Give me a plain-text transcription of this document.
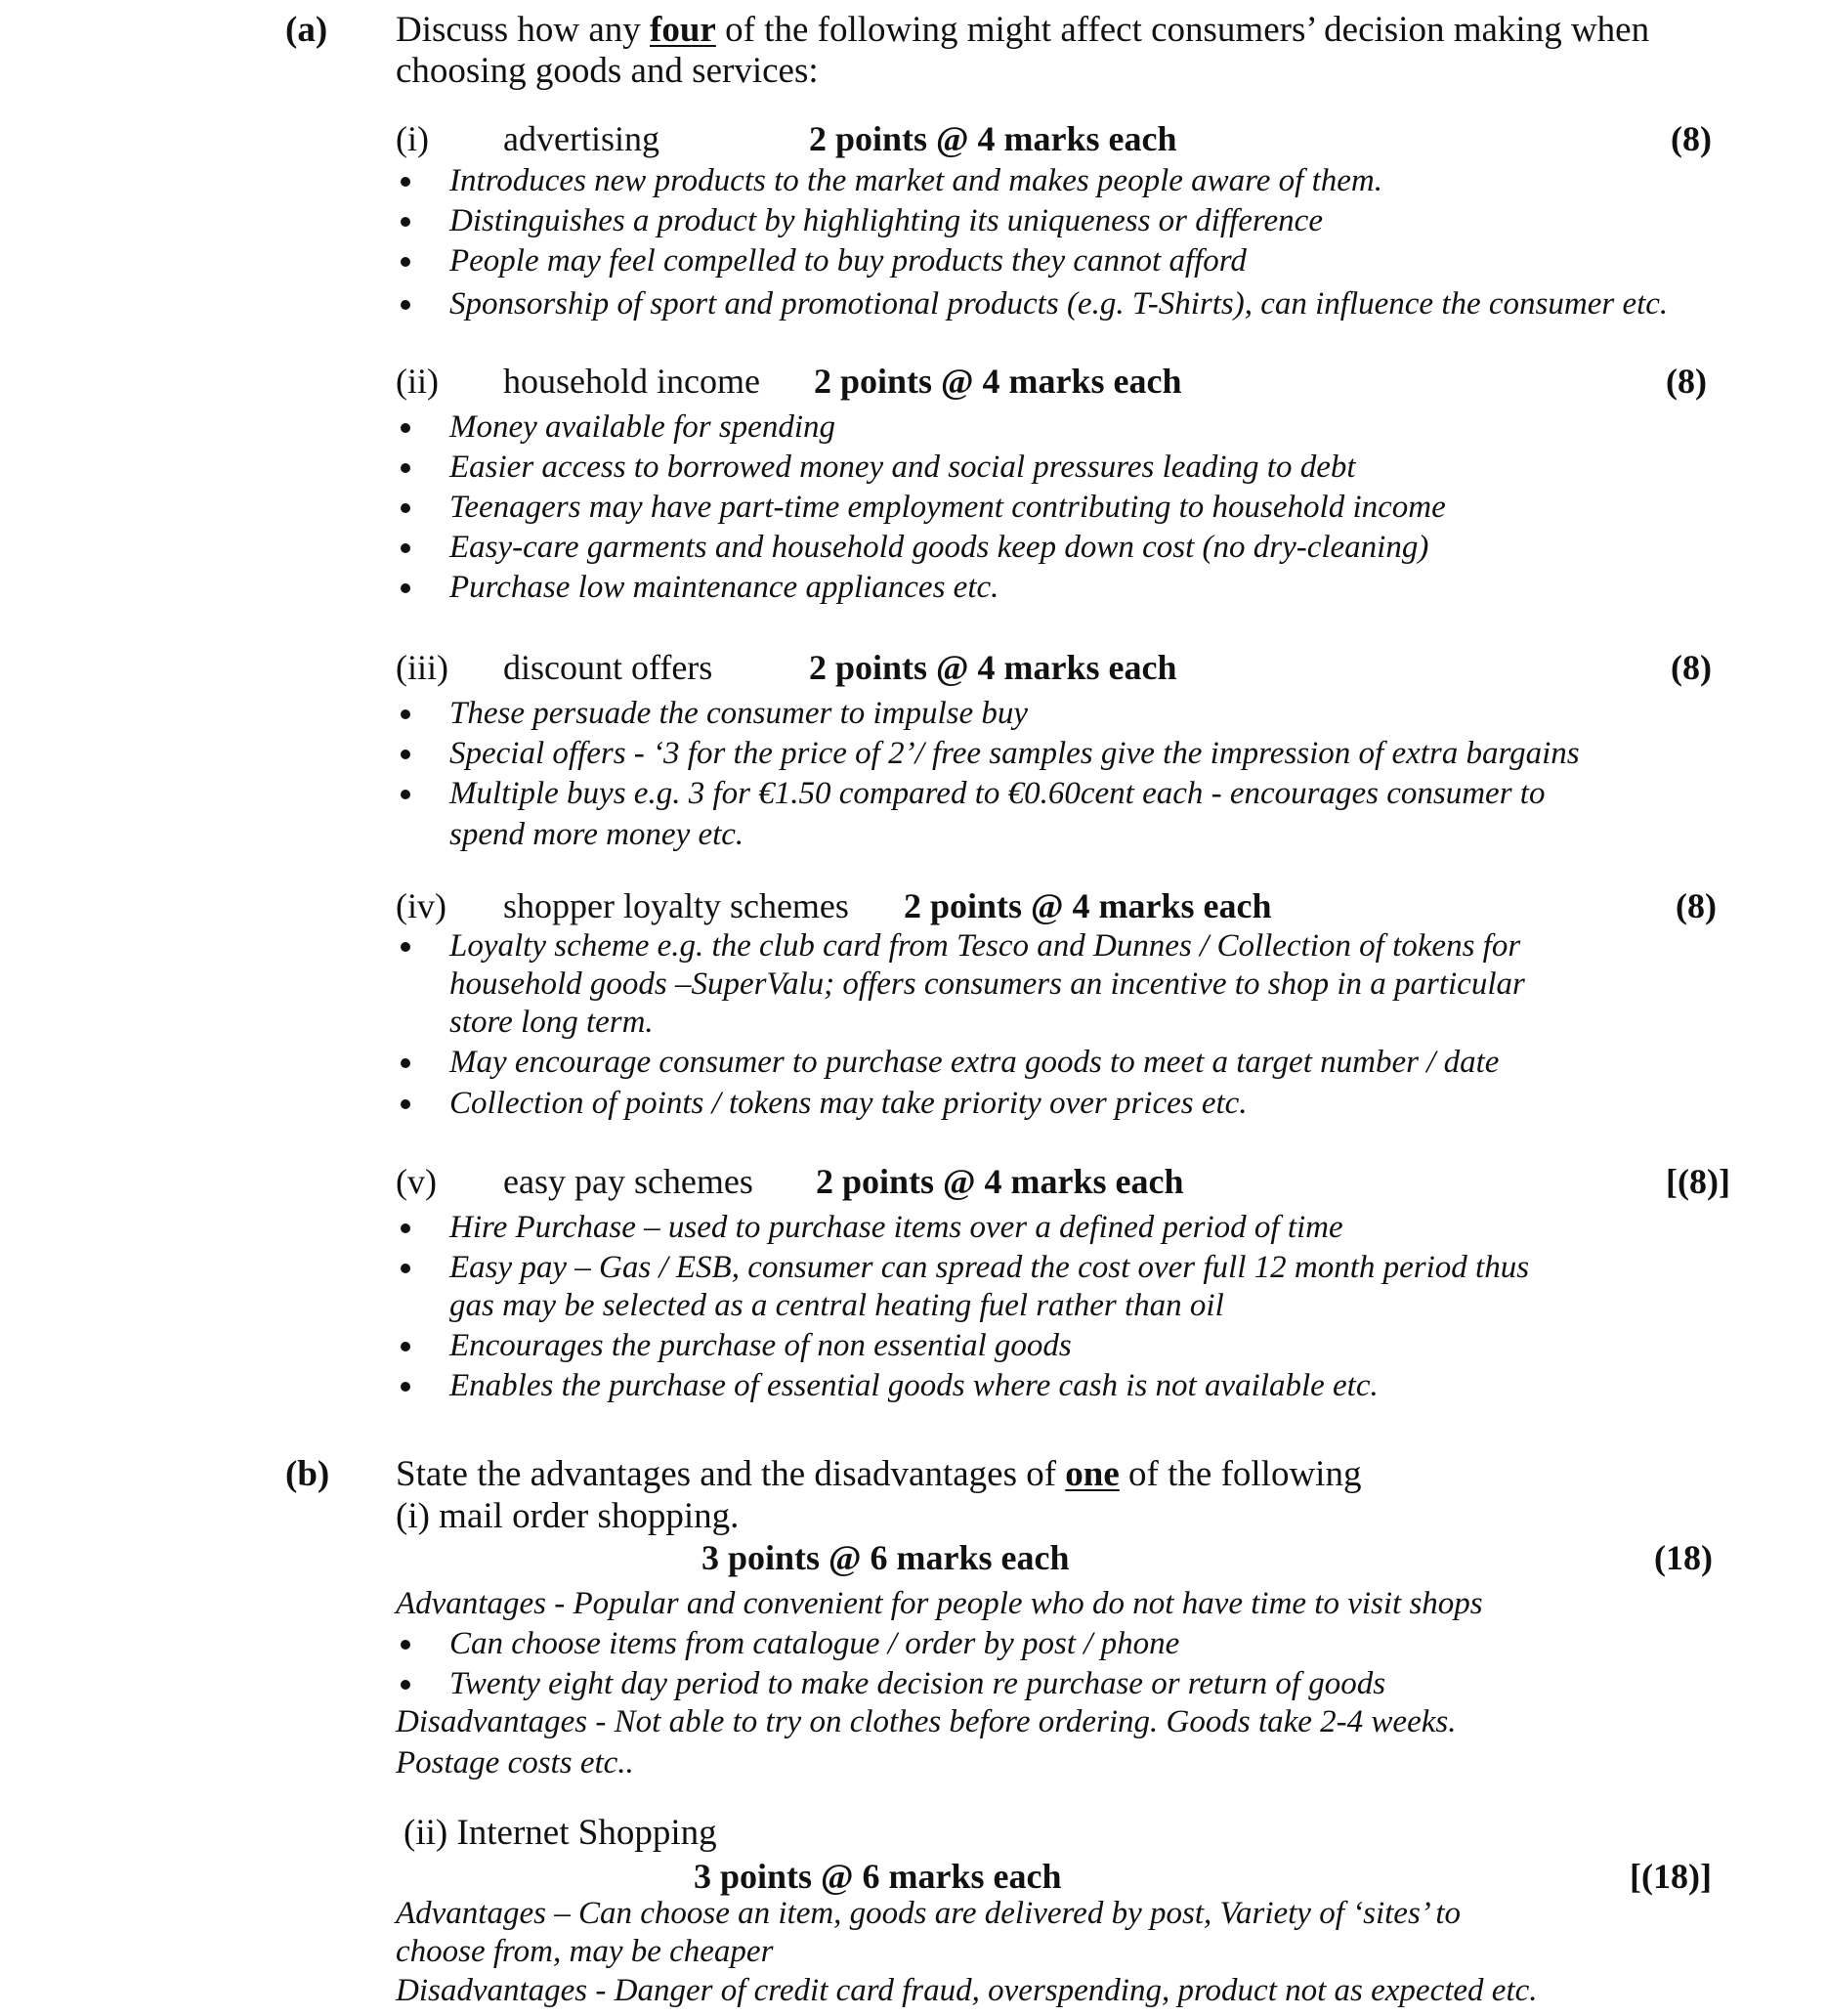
(a) Discuss how any four of the following might affect consumers’ decision making when
choosing goods and services:
(i) advertising	2 points @ 4 marks each	(8)
Introduces new products to the market and makes people aware of them.
Distinguishes a product by highlighting its uniqueness or difference
People may feel compelled to buy products they cannot afford
Sponsorship of sport and promotional products (e.g. T-Shirts), can influence the consumer etc.
(ii) household income 2 points @ 4 marks each	(8)
Money available for spending
Easier access to borrowed money and social pressures leading to debt
Teenagers may have part-time employment contributing to household income
Easy-care garments and household goods keep down cost (no dry-cleaning)
Purchase low maintenance appliances etc.
(iii) discount offers	2 points @ 4 marks each	(8)
These persuade the consumer to impulse buy
Special offers - ‘3 for the price of 2’/ free samples give the impression of extra bargains
Multiple buys e.g. 3 for €1.50 compared to €0.60cent each - encourages consumer to
spend more money etc.
(iv) shopper loyalty schemes 2 points @ 4 marks each	(8)
Loyalty scheme e.g. the club card from Tesco and Dunnes / Collection of tokens for
household goods –SuperValu; offers consumers an incentive to shop in a particular
store long term.
May encourage consumer to purchase extra goods to meet a target number / date
Collection of points / tokens may take priority over prices etc.
(v) easy pay schemes 2 points @ 4 marks each	[(8)]
Hire Purchase – used to purchase items over a defined period of time
Easy pay – Gas / ESB, consumer can spread the cost over full 12 month period thus
gas may be selected as a central heating fuel rather than oil
Encourages the purchase of non essential goods
Enables the purchase of essential goods where cash is not available etc.
(b) State the advantages and the disadvantages of one of the following
(i) mail order shopping.
3 points @ 6 marks each	(18)
Advantages - Popular and convenient for people who do not have time to visit shops
Can choose items from catalogue / order by post / phone
Twenty eight day period to make decision re purchase or return of goods
Disadvantages - Not able to try on clothes before ordering. Goods take 2-4 weeks.
Postage costs etc..
(ii) Internet Shopping
3 points @ 6 marks each	[(18)]
Advantages – Can choose an item, goods are delivered by post, Variety of ‘sites’ to
choose from, may be cheaper
Disadvantages - Danger of credit card fraud, overspending, product not as expected etc.
